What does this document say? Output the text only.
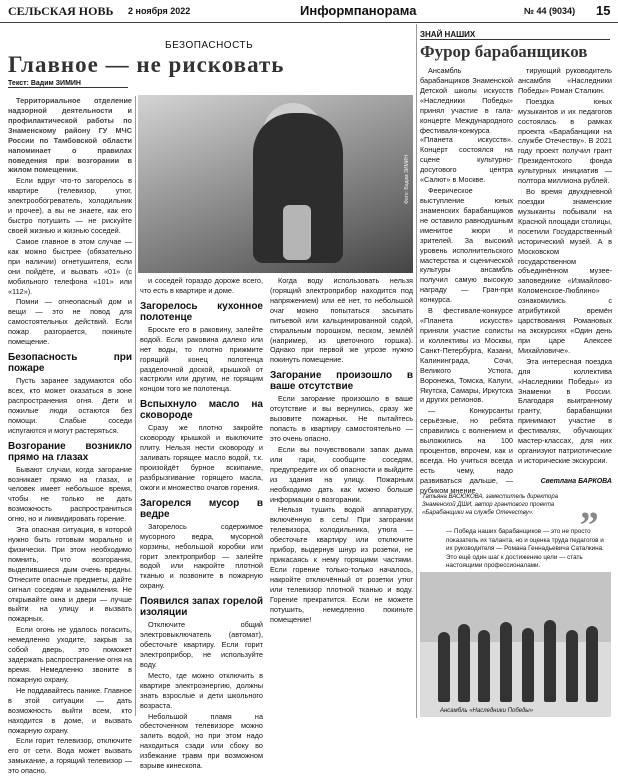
СЕЛЬСКАЯ НОВЬ 2 ноября 2022	Информпанорама	№ 44 (9034) 15
БЕЗОПАСНОСТЬ
Главное — не рисковать
Текст: Вадим ЗИМИН
Фото: Вадим ЗИМИН

Территориальное отделение надзорной деятельности и профилактической работы по Знаменскому району ГУ МЧС России по Тамбовской области напоминает о правилах поведения при возгорании в жилом помещении.

Если вдруг что-то загорелось в квартире (телевизор, утюг, электрообогреватель, холодильник и прочее), а вы не знаете, как его быстро потушить — не рискуйте своей жизнью и жизнью соседей.

Самое главное в этом случае — как можно быстрее (обязательно при наличии) огнетушителя, если они пойдёте, и вызвать «01» (с мобильного телефона «101» или «112»).

Помни — огнеопасный дом и вещи — это не повод для самостоятельных действий. Если пожар разгорается, покиньте помещение.

Безопасность при пожаре

Пусть заранее задумаются обо всех, кто может оказаться в зоне распространения огня. Дети и пожилые люди остаются без помощи. Слабые соседи испугаются и могут растеряться.

Возгорание возникло прямо на глазах

Бывают случаи, когда загорание возникает прямо на глазах, и человек имеет небольшое время, чтобы не только не дать возможность распространиться огню, но и ликвидировать горение.

Эта опасная ситуация, в которой нужно быть готовым морально и физически. При этом необходимо помнить, что возгорания, выделившиеся дым очень вредны. Отнесите опасные предметы, дайте сигнал соседям и задымления. Не открывайте окна и двери — лучше выйти на улицу и вызвать пожарных.

Если огонь не удалось погасить, немедленно уходите, закрыв за собой дверь, это поможет задержать распространение огня на время. Немедленно звоните в пожарную охрану.

Не поддавайтесь панике. Главное в этой ситуации — дать возможность выйти всем, кто находится в доме, и вызвать пожарную охрану.

Если горит телевизор, отключите его от сети. Вода может вызвать замыкание, а горящий телевизор — это опасно.

и соседей гораздо дороже всего, что есть в квартире и доме.

Загорелось кухонное полотенце

Бросьте его в раковину, залейте водой. Если раковина далеко или нет воды, то плотно прижмите горящий конец полотенца разделочной доской, крышкой от кастрюли или другим, не горящим концом того же полотенца.

Вспыхнуло масло на сковороде

Сразу же плотно закройте сковороду крышкой и выключите плиту. Нельзя нести сковороду и заливать горящее масло водой, т.к. произойдёт бурное вскипание, разбрызгивание горящего масла, ожоги и множество очагов горения.

Загорелся мусор в ведре

Загорелось содержимое мусорного ведра, мусорной корзины, небольшой коробки или горит электроприбор — залейте водой или накройте плотной тканью и позвоните в пожарную охрану.

Появился запах горелой изоляции

Отключите общий электровыключатель (автомат), обесточьте квартиру. Если горит электроприбор, не используйте воду.

Место, где можно отключить в квартире электроэнергию, должны знать взрослые и дети школьного возраста.

Небольшой пламя на обесточенном телевизоре можно залить водой, но при этом надо находиться сзади или сбоку во избежание травм при возможном взрыве кинескопа.

Когда воду использовать нельзя (горящий электроприбор находится под напряжением) или её нет, то небольшой очаг можно попытаться засыпать питьевой или кальцинированной содой, стиральным порошком, песком, землёй (например, из цветочного горшка). Однако при первой же угрозе нужно покинуть помещение.

Загорание произошло в ваше отсутствие

Если загорание произошло в ваше отсутствие и вы вернулись, сразу же вызовите пожарных. Не пытайтесь попасть в квартиру самостоятельно — это очень опасно.

Если вы почувствовали запах дыма или гари, сообщите соседям, предупредите их об опасности и выйдите из здания на улицу. Пожарным необходимо дать как можно больше информации о возгорании.

Нельзя тушить водой аппаратуру, включённую в сеть! При загорании телевизора, холодильника, утюга — обесточьте квартиру или отключите прибор, выдернув шнур из розетки, не прикасаясь к нему горящими частями. Если горение только-только началось, накройте отключённый от розетки утюг или телевизор плотной тканью и воду. Горение прекратится. Если не можете потушить, немедленно покиньте помещение!

ЗНАЙ НАШИХ
Фурор барабанщиков

Ансамбль барабанщиков Знаменской Детской школы искусств «Наследники Победы» принял участие в гала-концерте Международного фестиваля-конкурса «Планета искусств». Концерт состоялся на сцене культурно-досугового центра «Салют» в Москве.

Феерическое выступление юных знаменских барабанщиков не оставило равнодушным именитое жюри и зрителей. За высокий уровень исполнительского мастерства и сценической культуры ансамбль получил самую высокую награду — Гран-при конкурса.

В фестивале-конкурсе «Планета искусств» приняли участие солисты и коллективы из Москвы, Санкт-Петербурга, Казани, Калининграда, Сочи, Великого Устюга, Воронежа, Томска, Калуги, Якутска, Самары, Иркутска и других регионов.

— Конкурсанты серьёзные, но ребята справились с волнением и выложились на 100 процентов, впрочем, как и всегда. Но учиться всегда есть чему, надо развиваться дальше, — рубиком мнение

тирующий руководитель ансамбля «Наследники Победы» Роман Сталкин.

Поездка юных музыкантов и их педагогов состоялась в рамках проекта «Барабанщики на службе Отечеству». В 2021 году проект получил грант Президентского фонда культурных инициатив — полтора миллиона рублей.

Во время двухдневной поездки знаменские музыканты побывали на Красной площади столицы, посетили Государственный исторический музей. А в Московском государственном объединённом музее-заповеднике «Измайлово-Коломенское-Люблино» ознакомились с атрибутикой времён царствования Романовых на экскурсиях «Один день при царе Алексее Михайловиче».

Эта интересная поездка для коллектива «Наследники Победы» из Знаменки в России. Благодаря выигранному гранту, барабанщики принимают участие в фестивалях, обучающих мастер-классах, для них организуют патриотические и исторические экскурсии.

Светлана БАРКОВА
Татьяна ВАСЮКОВА, заместитель директора Знаменской ДШИ, автор грантового проекта «Барабанщики на службе Отечеству»:	„
— Победа наших барабанщиков — это не просто показатель их таланта, но и оценка труда педагогов и их руководителя — Романа Геннадьевича Саталкина. Это ещё один шаг к достижению цели — стать настоящими профессионалами.
Ансамбль «Наследники Победы»
